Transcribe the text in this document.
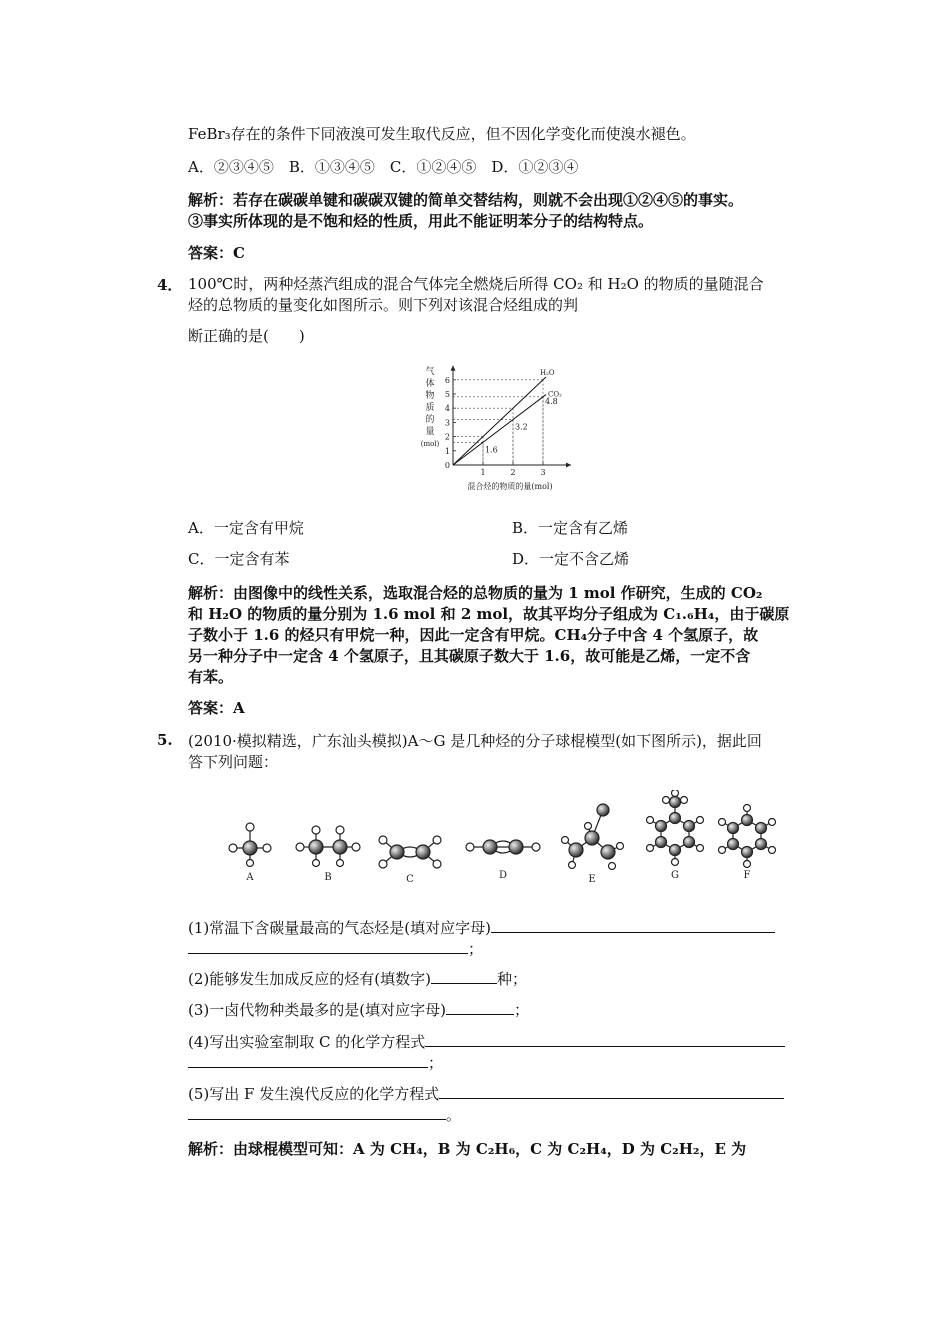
FeBr₃存在的条件下同液溴可发生取代反应，但不因化学变化而使溴水褪色。
A．②③④⑤　B．①③④⑤　C．①②④⑤　D．①②③④
解析：若存在碳碳单键和碳碳双键的简单交替结构，则就不会出现①②④⑤的事实。
③事实所体现的是不饱和烃的性质，用此不能证明苯分子的结构特点。
答案：C
4． 100℃时，两种烃蒸汽组成的混合气体完全燃烧后所得 CO₂ 和 H₂O 的物质的量随混合
烃的总物质的量变化如图所示。则下列对该混合烃组成的判
断正确的是(　　)
1
2
3
4
5
6
0
1	2	3
H₂O
CO₂
1.6
3.2
4.8
气
体
物
质
的
量
(mol)
混合烃的物质的量(mol)
A．一定含有甲烷	B．一定含有乙烯
C．一定含有苯	D．一定不含乙烯
解析：由图像中的线性关系，选取混合烃的总物质的量为 1 mol 作研究，生成的 CO₂
和 H₂O 的物质的量分别为 1.6 mol 和 2 mol，故其平均分子组成为 C₁.₆H₄，由于碳原
子数小于 1.6 的烃只有甲烷一种，因此一定含有甲烷。CH₄分子中含 4 个氢原子，故
另一种分子中一定含 4 个氢原子，且其碳原子数大于 1.6，故可能是乙烯，一定不含
有苯。
答案：A
5. (2010·模拟精选，广东汕头模拟)A～G 是几种烃的分子球棍模型(如下图所示)，据此回
答下列问题：
A	B	C	D	E	G	F
(1)常温下含碳量最高的气态烃是(填对应字母)
；
(2)能够发生加成反应的烃有(填数字)	种；
(3)一卤代物种类最多的是(填对应字母)	；
(4)写出实验室制取 C 的化学方程式
；
(5)写出 F 发生溴代反应的化学方程式
。
解析：由球棍模型可知：A 为 CH₄，B 为 C₂H₆，C 为 C₂H₄，D 为 C₂H₂，E 为
